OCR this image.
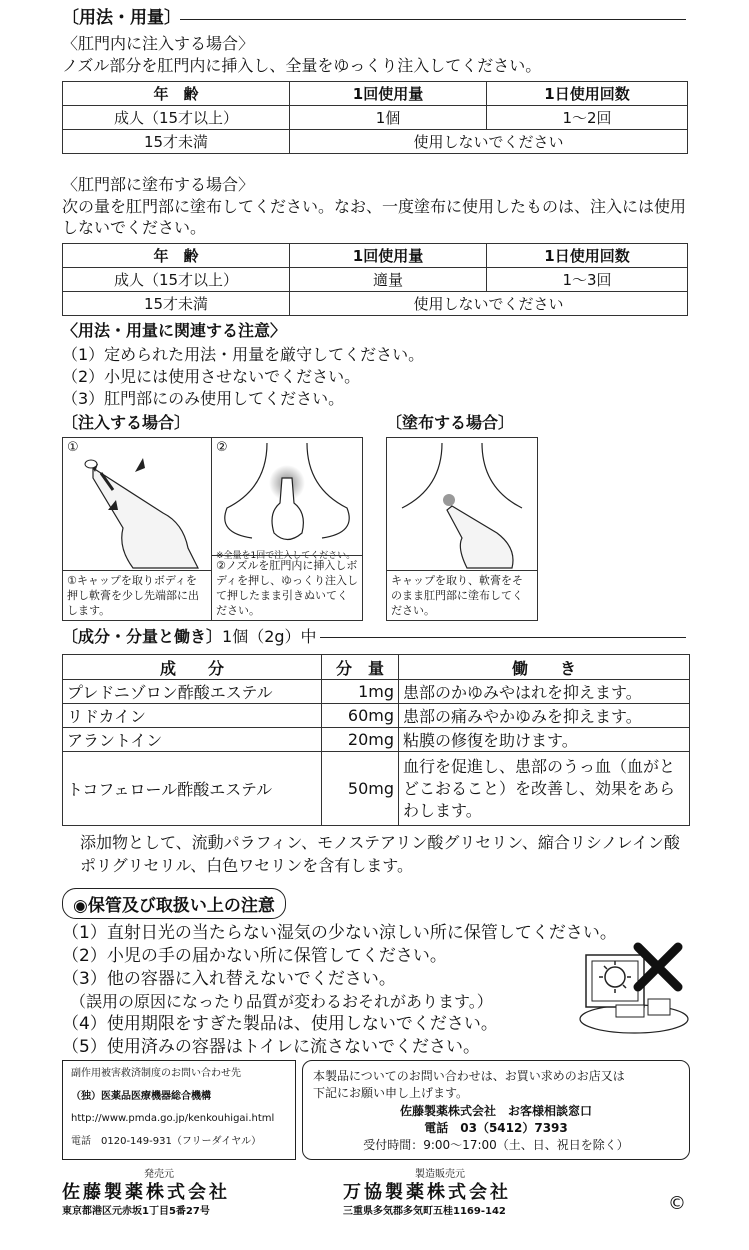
〔用法・用量〕
〈肛門内に注入する場合〉
ノズル部分を肛門内に挿入し、全量をゆっくり注入してください。
年　齢	1回使用量	1日使用回数
成人（15才以上）	1個	1〜2回
15才未満	使用しないでください	
〈肛門部に塗布する場合〉
次の量を肛門部に塗布してください。なお、一度塗布に使用したものは、注入には使用しないでください。
年　齢	1回使用量	1日使用回数
成人（15才以上）	適量	1〜3回
15才未満	使用しないでください	
〈用法・用量に関連する注意〉
（1）定められた用法・用量を厳守してください。
（2）小児には使用させないでください。
（3）肛門部にのみ使用してください。
〔注入する場合〕	〔塗布する場合〕
①
①キャップを取りボディを押し軟膏を少し先端部に出します。
②
※全量を1回で注入してください。
②ノズルを肛門内に挿入しボディを押し、ゆっくり注入して押したまま引きぬいてください。
キャップを取り、軟膏をそのまま肛門部に塗布してください。
〔成分・分量と働き〕1個（2g）中
成　　分	分　量	働　　き
プレドニゾロン酢酸エステル	1mg	患部のかゆみやはれを抑えます。
リドカイン	60mg	患部の痛みやかゆみを抑えます。
アラントイン	20mg	粘膜の修復を助けます。
トコフェロール酢酸エステル	50mg	血行を促進し、患部のうっ血（血がとどこおること）を改善し、効果をあらわします。
添加物として、流動パラフィン、モノステアリン酸グリセリン、縮合リシノレイン酸ポリグリセリル、白色ワセリンを含有します。
◉保管及び取扱い上の注意
（1）直射日光の当たらない湿気の少ない涼しい所に保管してください。
（2）小児の手の届かない所に保管してください。
（3）他の容器に入れ替えないでください。
　（誤用の原因になったり品質が変わるおそれがあります。）
（4）使用期限をすぎた製品は、使用しないでください。
（5）使用済みの容器はトイレに流さないでください。
副作用被害救済制度のお問い合わせ先
（独）医薬品医療機器総合機構
http://www.pmda.go.jp/kenkouhigai.html
電話　0120-149-931（フリーダイヤル）
本製品についてのお問い合わせは、お買い求めのお店又は
下記にお願い申し上げます。
佐藤製薬株式会社　お客様相談窓口
電話　03（5412）7393
受付時間：9:00〜17:00（土、日、祝日を除く）
発売元
佐藤製薬株式会社
東京都港区元赤坂1丁目5番27号
製造販売元
万協製薬株式会社
三重県多気郡多気町五桂1169-142	©
